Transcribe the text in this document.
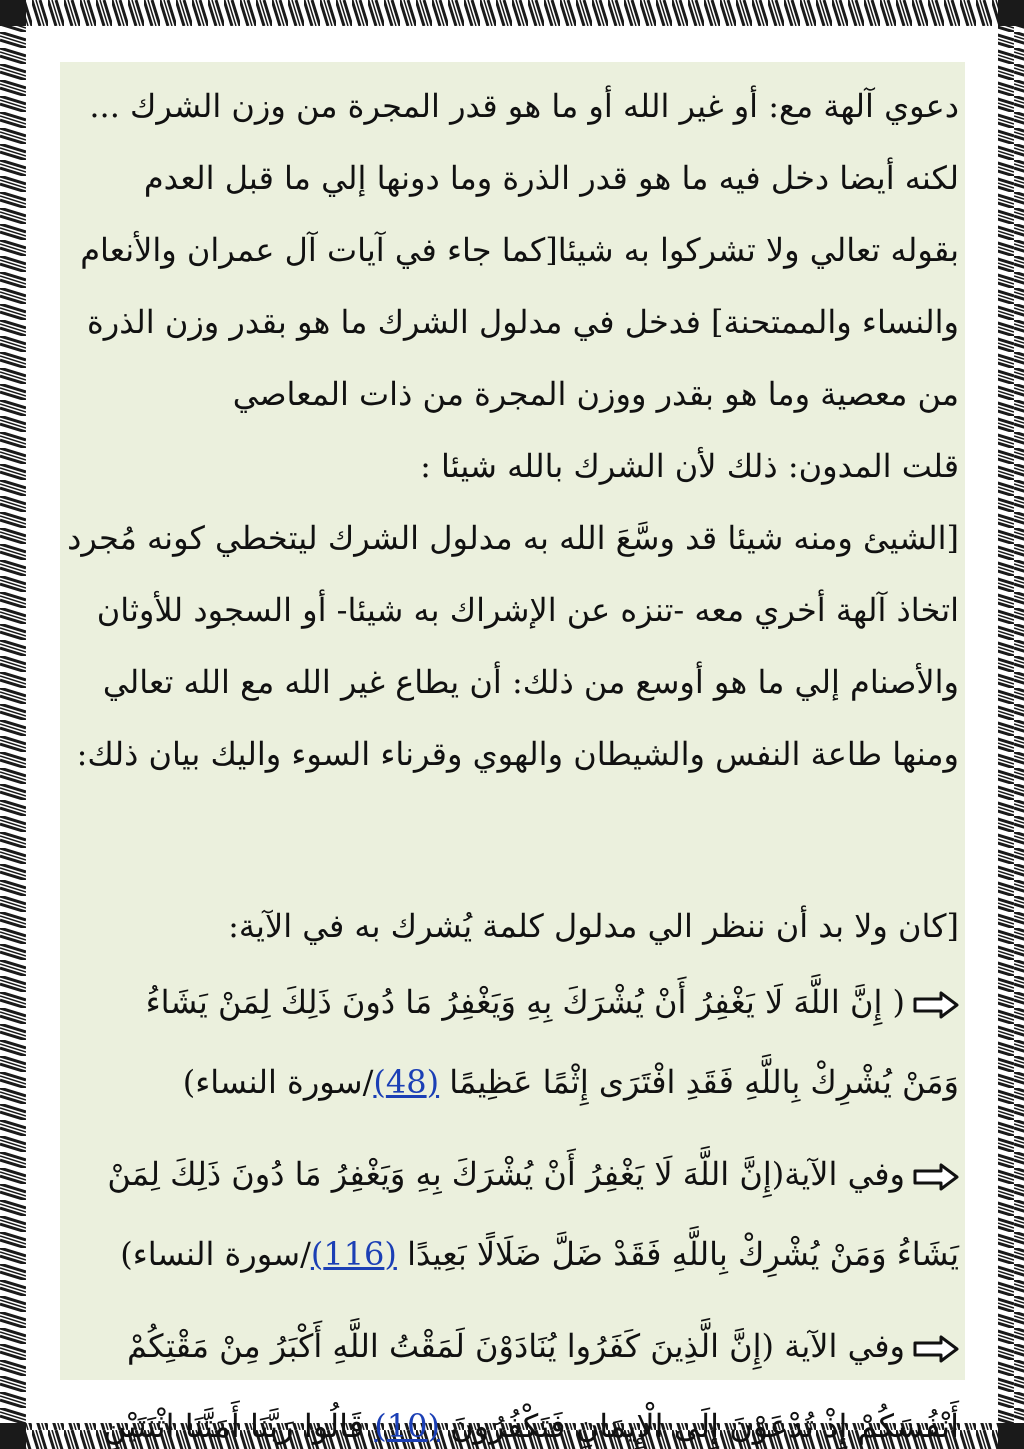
دعوي آلهة مع: أو غير الله أو ما هو قدر المجرة من وزن الشرك ...
لكنه أيضا دخل فيه ما هو قدر الذرة وما دونها إلي ما قبل العدم
بقوله تعالي ولا تشركوا به شيئا[كما جاء في آيات آل عمران والأنعام
والنساء والممتحنة] فدخل في مدلول الشرك ما هو بقدر وزن الذرة
من معصية وما هو بقدر ووزن المجرة من ذات المعاصي
قلت المدون: ذلك لأن الشرك بالله شيئا :
[الشيئ ومنه شيئا قد وسَّعَ الله به مدلول الشرك ليتخطي كونه مُجرد
اتخاذ آلهة أخري معه -تنزه عن الإشراك به شيئا- أو السجود للأوثان
والأصنام إلي ما هو أوسع من ذلك: أن يطاع غير الله مع الله تعالي
ومنها طاعة النفس والشيطان والهوي وقرناء السوء واليك بيان ذلك:
[كان ولا بد أن ننظر الي مدلول كلمة يُشرك به في الآية:
( إِنَّ اللَّهَ لَا يَغْفِرُ أَنْ يُشْرَكَ بِهِ وَيَغْفِرُ مَا دُونَ ذَلِكَ لِمَنْ يَشَاءُ
وَمَنْ يُشْرِكْ بِاللَّهِ فَقَدِ افْتَرَى إِثْمًا عَظِيمًا (48)/سورة النساء)
وفي الآية(إِنَّ اللَّهَ لَا يَغْفِرُ أَنْ يُشْرَكَ بِهِ وَيَغْفِرُ مَا دُونَ ذَلِكَ لِمَنْ
يَشَاءُ وَمَنْ يُشْرِكْ بِاللَّهِ فَقَدْ ضَلَّ ضَلَالًا بَعِيدًا (116)/سورة النساء)
وفي الآية (إِنَّ الَّذِينَ كَفَرُوا يُنَادَوْنَ لَمَقْتُ اللَّهِ أَكْبَرُ مِنْ مَقْتِكُمْ
أَنْفُسَكُمْ إِذْ تُدْعَوْنَ إِلَى الْإِيمَانِ فَتَكْفُرُونَ (10) قَالُوا رَبَّنَا أَمَتَّنَا اثْنَتَيْنِ
